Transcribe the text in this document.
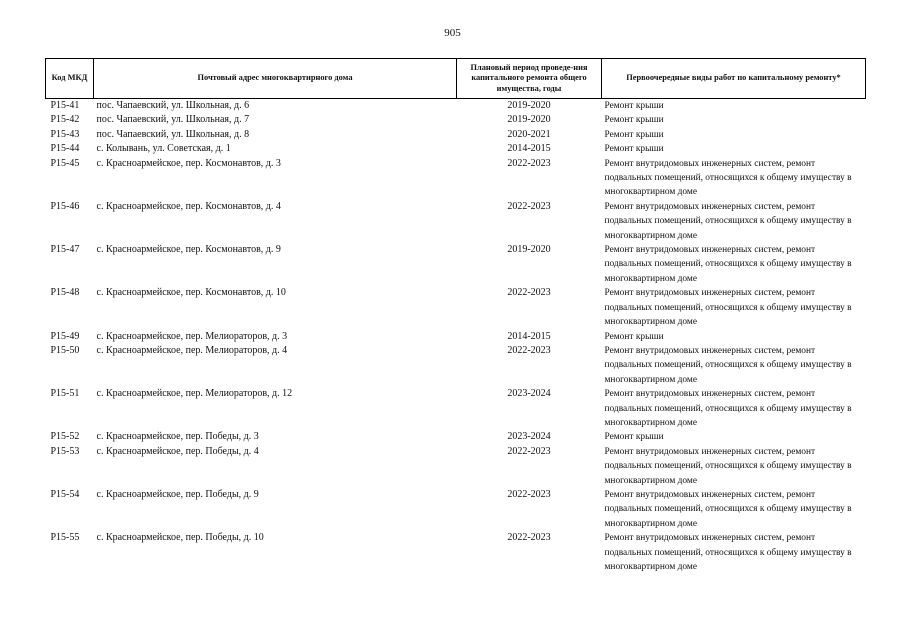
905
Код МКД	Почтовый адрес многоквартирного дома	Плановый период проведе-ния капитального ремонта общего имущества, годы	Первоочередные виды работ по капитальному ремонту*
Р15-41	пос. Чапаевский, ул. Школьная, д. 6	2019-2020	Ремонт крыши
Р15-42	пос. Чапаевский, ул. Школьная, д. 7	2019-2020	Ремонт крыши
Р15-43	пос. Чапаевский, ул. Школьная, д. 8	2020-2021	Ремонт крыши
Р15-44	с. Колывань, ул. Советская, д. 1	2014-2015	Ремонт крыши
Р15-45	с. Красноармейское, пер. Космонавтов, д. 3	2022-2023	Ремонт внутридомовых инженерных систем, ремонт подвальных помещений, относящихся к общему имуществу в многоквартирном доме
Р15-46	с. Красноармейское, пер. Космонавтов, д. 4	2022-2023	Ремонт внутридомовых инженерных систем, ремонт подвальных помещений, относящихся к общему имуществу в многоквартирном доме
Р15-47	с. Красноармейское, пер. Космонавтов, д. 9	2019-2020	Ремонт внутридомовых инженерных систем, ремонт подвальных помещений, относящихся к общему имуществу в многоквартирном доме
Р15-48	с. Красноармейское, пер. Космонавтов, д. 10	2022-2023	Ремонт внутридомовых инженерных систем, ремонт подвальных помещений, относящихся к общему имуществу в многоквартирном доме
Р15-49	с. Красноармейское, пер. Мелиораторов, д. 3	2014-2015	Ремонт крыши
Р15-50	с. Красноармейское, пер. Мелиораторов, д. 4	2022-2023	Ремонт внутридомовых инженерных систем, ремонт подвальных помещений, относящихся к общему имуществу в многоквартирном доме
Р15-51	с. Красноармейское, пер. Мелиораторов, д. 12	2023-2024	Ремонт внутридомовых инженерных систем, ремонт подвальных помещений, относящихся к общему имуществу в многоквартирном доме
Р15-52	с. Красноармейское, пер. Победы, д. 3	2023-2024	Ремонт крыши
Р15-53	с. Красноармейское, пер. Победы, д. 4	2022-2023	Ремонт внутридомовых инженерных систем, ремонт подвальных помещений, относящихся к общему имуществу в многоквартирном доме
Р15-54	с. Красноармейское, пер. Победы, д. 9	2022-2023	Ремонт внутридомовых инженерных систем, ремонт подвальных помещений, относящихся к общему имуществу в многоквартирном доме
Р15-55	с. Красноармейское, пер. Победы, д. 10	2022-2023	Ремонт внутридомовых инженерных систем, ремонт подвальных помещений, относящихся к общему имуществу в многоквартирном доме
